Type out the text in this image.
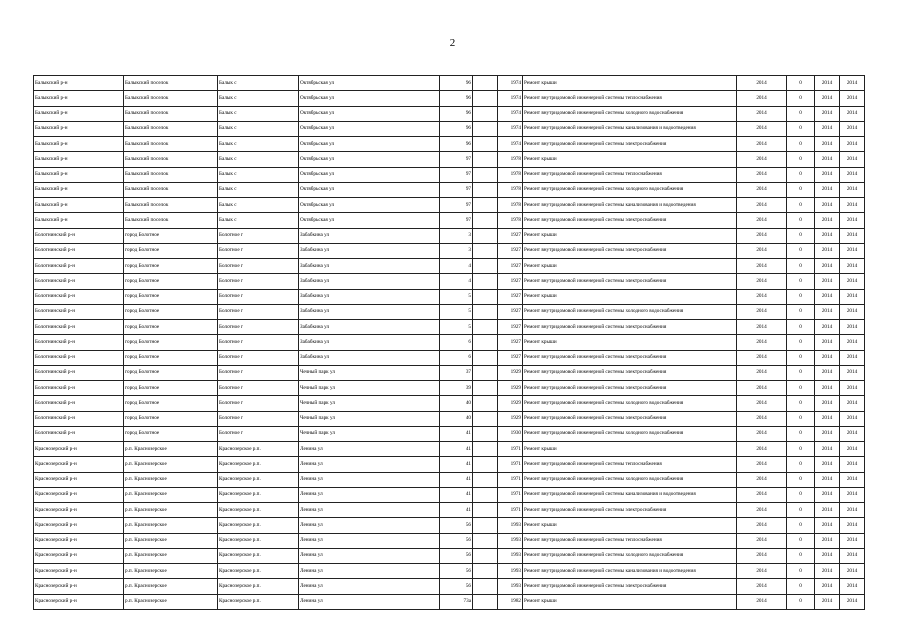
2
Балыкский р-н	Балыкский поселок	Балык с	Октябрьская ул	96		1974	Ремонт крыши	2014	0	2014	2014
Балыкский р-н	Балыкский поселок	Балык с	Октябрьская ул	96		1974	Ремонт внутридомовой инженерной системы теплоснабжения	2014	0	2014	2014
Балыкский р-н	Балыкский поселок	Балык с	Октябрьская ул	96		1974	Ремонт внутридомовой инженерной системы холодного водоснабжения	2014	0	2014	2014
Балыкский р-н	Балыкский поселок	Балык с	Октябрьская ул	96		1974	Ремонт внутридомовой инженерной системы канализования и водоотведения	2014	0	2014	2014
Балыкский р-н	Балыкский поселок	Балык с	Октябрьская ул	96		1974	Ремонт внутридомовой инженерной системы электроснабжения	2014	0	2014	2014
Балыкский р-н	Балыкский поселок	Балык с	Октябрьская ул	97		1978	Ремонт крыши	2014	0	2014	2014
Балыкский р-н	Балыкский поселок	Балык с	Октябрьская ул	97		1978	Ремонт внутридомовой инженерной системы теплоснабжения	2014	0	2014	2014
Балыкский р-н	Балыкский поселок	Балык с	Октябрьская ул	97		1978	Ремонт внутридомовой инженерной системы холодного водоснабжения	2014	0	2014	2014
Балыкский р-н	Балыкский поселок	Балык с	Октябрьская ул	97		1978	Ремонт внутридомовой инженерной системы канализования и водоотведения	2014	0	2014	2014
Балыкский р-н	Балыкский поселок	Балык с	Октябрьская ул	97		1978	Ремонт внутридомовой инженерной системы электроснабжения	2014	0	2014	2014
Болотнинский р-н	город Болотное	Болотное г	Забабкина ул	3		1927	Ремонт крыши	2014	0	2014	2014
Болотнинский р-н	город Болотное	Болотное г	Забабкина ул	3		1927	Ремонт внутридомовой инженерной системы электроснабжения	2014	0	2014	2014
Болотнинский р-н	город Болотное	Болотное г	Забабкина ул	4		1927	Ремонт крыши	2014	0	2014	2014
Болотнинский р-н	город Болотное	Болотное г	Забабкина ул	4		1927	Ремонт внутридомовой инженерной системы электроснабжения	2014	0	2014	2014
Болотнинский р-н	город Болотное	Болотное г	Забабкина ул	5		1927	Ремонт крыши	2014	0	2014	2014
Болотнинский р-н	город Болотное	Болотное г	Забабкина ул	5		1927	Ремонт внутридомовой инженерной системы холодного водоснабжения	2014	0	2014	2014
Болотнинский р-н	город Болотное	Болотное г	Забабкина ул	5		1927	Ремонт внутридомовой инженерной системы электроснабжения	2014	0	2014	2014
Болотнинский р-н	город Болотное	Болотное г	Забабкина ул	6		1927	Ремонт крыши	2014	0	2014	2014
Болотнинский р-н	город Болотное	Болотное г	Забабкина ул	6		1927	Ремонт внутридомовой инженерной системы электроснабжения	2014	0	2014	2014
Болотнинский р-н	город Болотное	Болотное г	Чечный парк ул	37		1929	Ремонт внутридомовой инженерной системы электроснабжения	2014	0	2014	2014
Болотнинский р-н	город Болотное	Болотное г	Чечный парк ул	39		1929	Ремонт внутридомовой инженерной системы электроснабжения	2014	0	2014	2014
Болотнинский р-н	город Болотное	Болотное г	Чечный парк ул	40		1929	Ремонт внутридомовой инженерной системы холодного водоснабжения	2014	0	2014	2014
Болотнинский р-н	город Болотное	Болотное г	Чечный парк ул	40		1929	Ремонт внутридомовой инженерной системы электроснабжения	2014	0	2014	2014
Болотнинский р-н	город Болотное	Болотное г	Чечный парк ул	41		1930	Ремонт внутридомовой инженерной системы холодного водоснабжения	2014	0	2014	2014
Краснозерский р-н	р.п. Краснозерское	Краснозерское р.п.	Ленина ул	41		1971	Ремонт крыши	2014	0	2014	2014
Краснозерский р-н	р.п. Краснозерское	Краснозерское р.п.	Ленина ул	41		1971	Ремонт внутридомовой инженерной системы теплоснабжения	2014	0	2014	2014
Краснозерский р-н	р.п. Краснозерское	Краснозерское р.п.	Ленина ул	41		1971	Ремонт внутридомовой инженерной системы холодного водоснабжения	2014	0	2014	2014
Краснозерский р-н	р.п. Краснозерское	Краснозерское р.п.	Ленина ул	41		1971	Ремонт внутридомовой инженерной системы канализования и водоотведения	2014	0	2014	2014
Краснозерский р-н	р.п. Краснозерское	Краснозерское р.п.	Ленина ул	41		1971	Ремонт внутридомовой инженерной системы электроснабжения	2014	0	2014	2014
Краснозерский р-н	р.п. Краснозерское	Краснозерское р.п.	Ленина ул	56		1993	Ремонт крыши	2014	0	2014	2014
Краснозерский р-н	р.п. Краснозерское	Краснозерское р.п.	Ленина ул	56		1993	Ремонт внутридомовой инженерной системы теплоснабжения	2014	0	2014	2014
Краснозерский р-н	р.п. Краснозерское	Краснозерское р.п.	Ленина ул	56		1993	Ремонт внутридомовой инженерной системы холодного водоснабжения	2014	0	2014	2014
Краснозерский р-н	р.п. Краснозерское	Краснозерское р.п.	Ленина ул	56		1993	Ремонт внутридомовой инженерной системы канализования и водоотведения	2014	0	2014	2014
Краснозерский р-н	р.п. Краснозерское	Краснозерское р.п.	Ленина ул	56		1993	Ремонт внутридомовой инженерной системы электроснабжения	2014	0	2014	2014
Краснозерский р-н	р.п. Краснозерское	Краснозерское р.п.	Ленина ул	73а		1982	Ремонт крыши	2014	0	2014	2014
